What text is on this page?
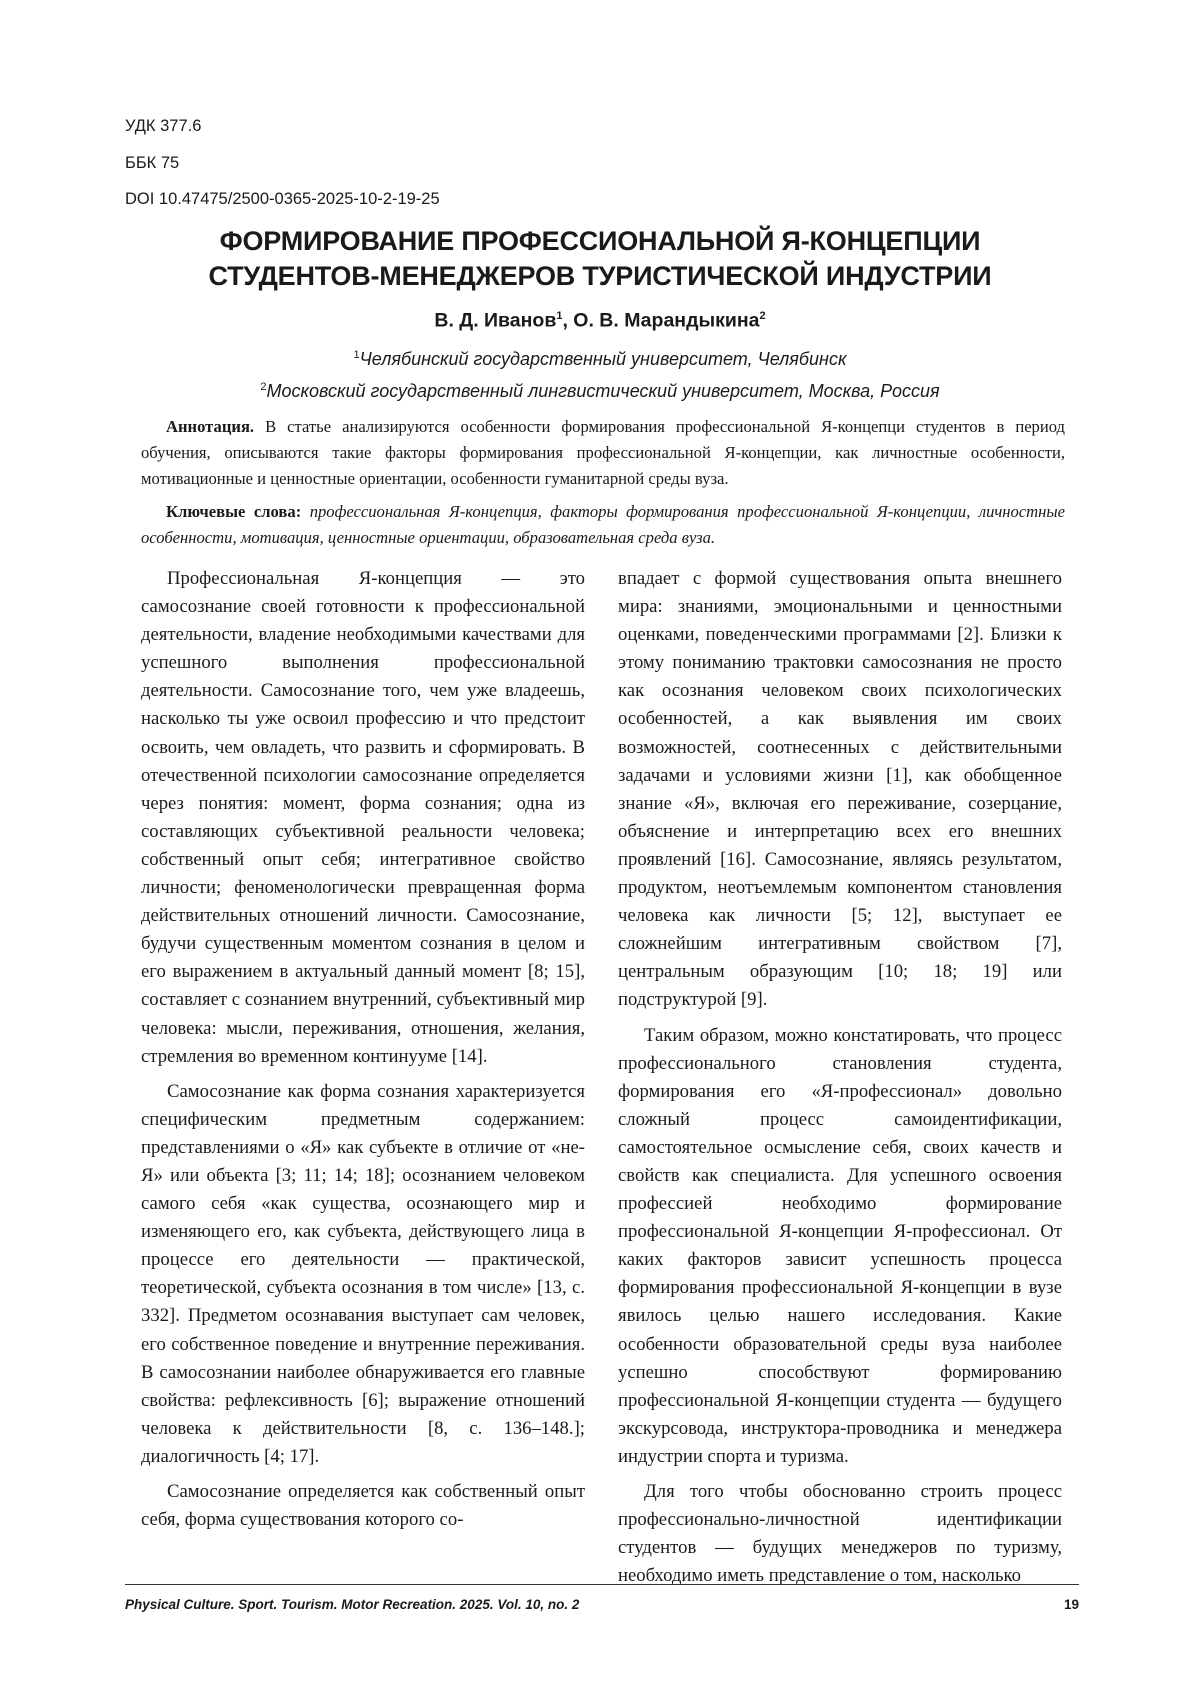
УДК 377.6
ББК 75
DOI 10.47475/2500-0365-2025-10-2-19-25
ФОРМИРОВАНИЕ ПРОФЕССИОНАЛЬНОЙ Я-КОНЦЕПЦИИ
СТУДЕНТОВ-МЕНЕДЖЕРОВ ТУРИСТИЧЕСКОЙ ИНДУСТРИИ
В. Д. Иванов$^1$, О. В. Марандыкина$^2$
$^1$Челябинский государственный университет, Челябинск
$^2$Московский государственный лингвистический университет, Москва, Россия
Аннотация. В статье анализируются особенности формирования профессиональной Я-концепци студентов в период обучения, описываются такие факторы формирования профессиональной Я-концепции, как личностные особенности, мотивационные и ценностные ориентации, особенности гуманитарной среды вуза.
Ключевые слова: профессиональная Я-концепция, факторы формирования профессиональной Я-концепции, личностные особенности, мотивация, ценностные ориентации, образовательная среда вуза.

Профессиональная Я-концепция — это самосознание своей готовности к профессиональной деятельности, владение необходимыми качествами для успешного выполнения профессиональной деятельности. Самосознание того, чем уже владеешь, насколько ты уже освоил профессию и что предстоит освоить, чем овладеть, что развить и сформировать. В отечественной психологии самосознание определяется через понятия: момент, форма сознания; одна из составляющих субъективной реальности человека; собственный опыт себя; интегративное свойство личности; феноменологически превращенная форма действительных отношений личности. Самосознание, будучи существенным моментом сознания в целом и его выражением в актуальный данный момент [8; 15], составляет с сознанием внутренний, субъективный мир человека: мысли, переживания, отношения, желания, стремления во временном континууме [14].

Самосознание как форма сознания характеризуется специфическим предметным содержанием: представлениями о «Я» как субъекте в отличие от «не-Я» или объекта [3; 11; 14; 18]; осознанием человеком самого себя «как существа, осознающего мир и изменяющего его, как субъекта, действующего лица в процессе его деятельности — практической, теоретической, субъекта осознания в том числе» [13, с. 332]. Предметом осознавания выступает сам человек, его собственное поведение и внутренние переживания. В самосознании наиболее обнаруживается его главные свойства: рефлексивность [6]; выражение отношений человека к действительности [8, с. 136–148.]; диалогичность [4; 17].

Самосознание определяется как собственный опыт себя, форма существования которого со-

впадает с формой существования опыта внешнего мира: знаниями, эмоциональными и ценностными оценками, поведенческими программами [2]. Близки к этому пониманию трактовки самосознания не просто как осознания человеком своих психологических особенностей, а как выявления им своих возможностей, соотнесенных с действительными задачами и условиями жизни [1], как обобщенное знание «Я», включая его переживание, созерцание, объяснение и интерпретацию всех его внешних проявлений [16]. Самосознание, являясь результатом, продуктом, неотъемлемым компонентом становления человека как личности [5; 12], выступает ее сложнейшим интегративным свойством [7], центральным образующим [10; 18; 19] или подструктурой [9].

Таким образом, можно констатировать, что процесс профессионального становления студента, формирования его «Я-профессионал» довольно сложный процесс самоидентификации, самостоятельное осмысление себя, своих качеств и свойств как специалиста. Для успешного освоения профессией необходимо формирование профессиональной Я-концепции Я-профессионал. От каких факторов зависит успешность процесса формирования профессиональной Я-концепции в вузе явилось целью нашего исследования. Какие особенности образовательной среды вуза наиболее успешно способствуют формированию профессиональной Я-концепции студента — будущего экскурсовода, инструктора-проводника и менеджера индустрии спорта и туризма.

Для того чтобы обоснованно строить процесс профессионально-личностной идентификации студентов — будущих менеджеров по туризму, необходимо иметь представление о том, насколько

Physical Culture. Sport. Tourism. Motor Recreation. 2025. Vol. 10, no. 2	19
